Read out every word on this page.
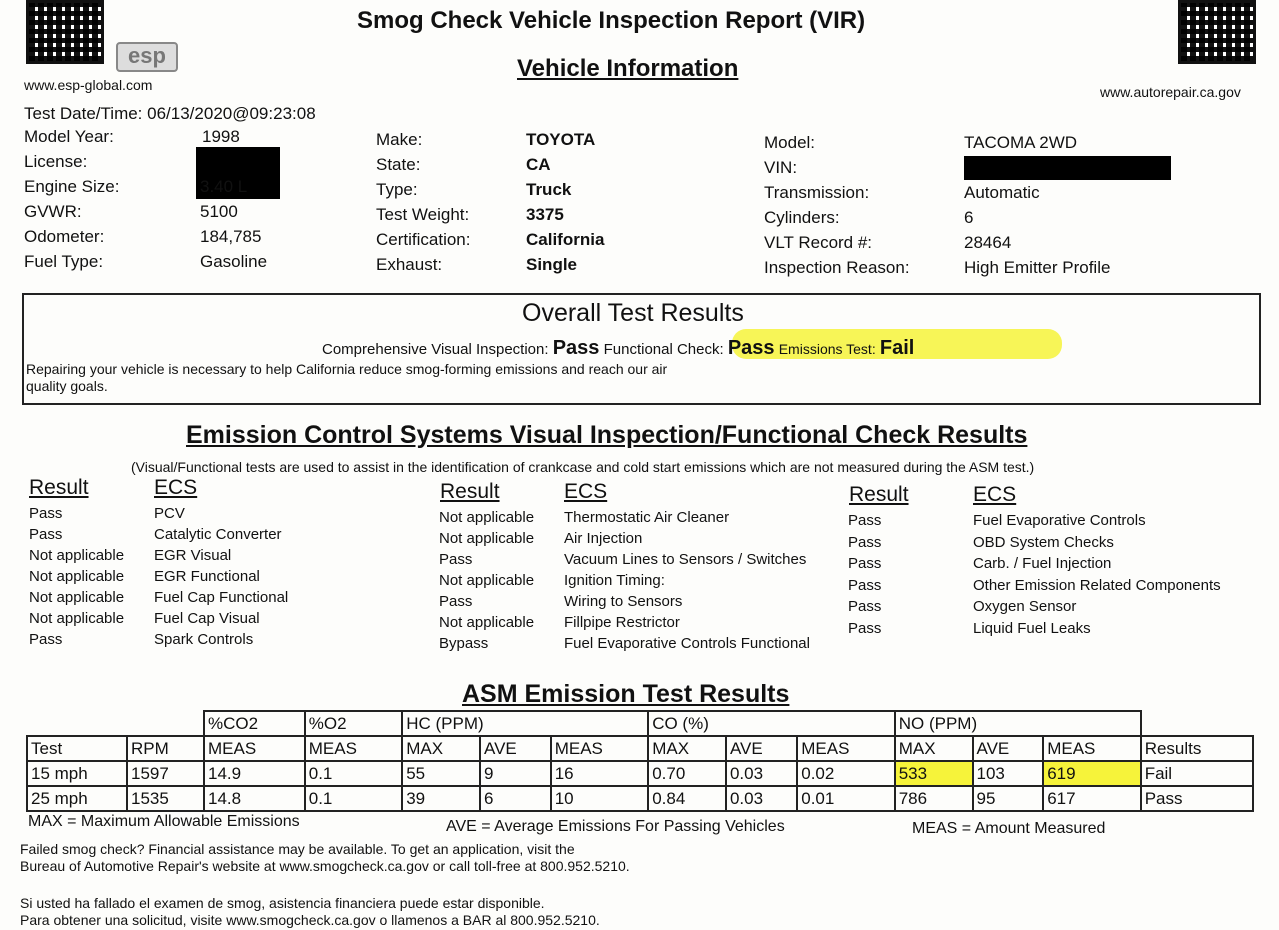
esp
www.esp-global.com	www.autorepair.ca.gov
Smog Check Vehicle Inspection Report (VIR)
Vehicle Information
Test Date/Time: 06/13/2020@09:23:08
Model Year:	1998
License:
Engine Size:	3.40 L
GVWR:	5100
Odometer:	184,785
Fuel Type:	Gasoline
Make:	TOYOTA
State:	CA
Type:	Truck
Test Weight:	3375
Certification:	California
Exhaust:	Single
Model:	TACOMA 2WD
VIN:
Transmission:	Automatic
Cylinders:	6
VLT Record #:	28464
Inspection Reason:	High Emitter Profile
Overall Test Results
Comprehensive Visual Inspection: Pass Functional Check: Pass Emissions Test: Fail
Repairing your vehicle is necessary to help California reduce smog-forming emissions and reach our air
quality goals.
Emission Control Systems Visual Inspection/Functional Check Results
(Visual/Functional tests are used to assist in the identification of crankcase and cold start emissions which are not measured during the ASM test.)
Result	ECS	Result	ECS	Result	ECS
Pass	PCV
Pass	Catalytic Converter
Not applicable EGR Visual
Not applicable EGR Functional
Not applicable Fuel Cap Functional
Not applicable Fuel Cap Visual
Pass	Spark Controls
Not applicable Thermostatic Air Cleaner
Not applicable Air Injection
Pass	Vacuum Lines to Sensors / Switches
Not applicable Ignition Timing:
Pass	Wiring to Sensors
Not applicable Fillpipe Restrictor
Bypass	Fuel Evaporative Controls Functional
Pass	Fuel Evaporative Controls
Pass	OBD System Checks
Pass	Carb. / Fuel Injection
Pass	Other Emission Related Components
Pass	Oxygen Sensor
Pass	Liquid Fuel Leaks
ASM Emission Test Results
		%CO2	%O2	HC (PPM)			CO (%)			NO (PPM)			
Test	RPM	MEAS	MEAS	MAX	AVE	MEAS	MAX	AVE	MEAS	MAX	AVE	MEAS	Results
15 mph	1597	14.9	0.1	55	9	16	0.70	0.03	0.02	533	103	619	Fail
25 mph	1535	14.8	0.1	39	6	10	0.84	0.03	0.01	786	95	617	Pass
MAX = Maximum Allowable Emissions	AVE = Average Emissions For Passing Vehicles	MEAS = Amount Measured
Failed smog check? Financial assistance may be available. To get an application, visit the
Bureau of Automotive Repair's website at www.smogcheck.ca.gov or call toll-free at 800.952.5210.
Si usted ha fallado el examen de smog, asistencia financiera puede estar disponible.
Para obtener una solicitud, visite www.smogcheck.ca.gov o llamenos a BAR al 800.952.5210.
